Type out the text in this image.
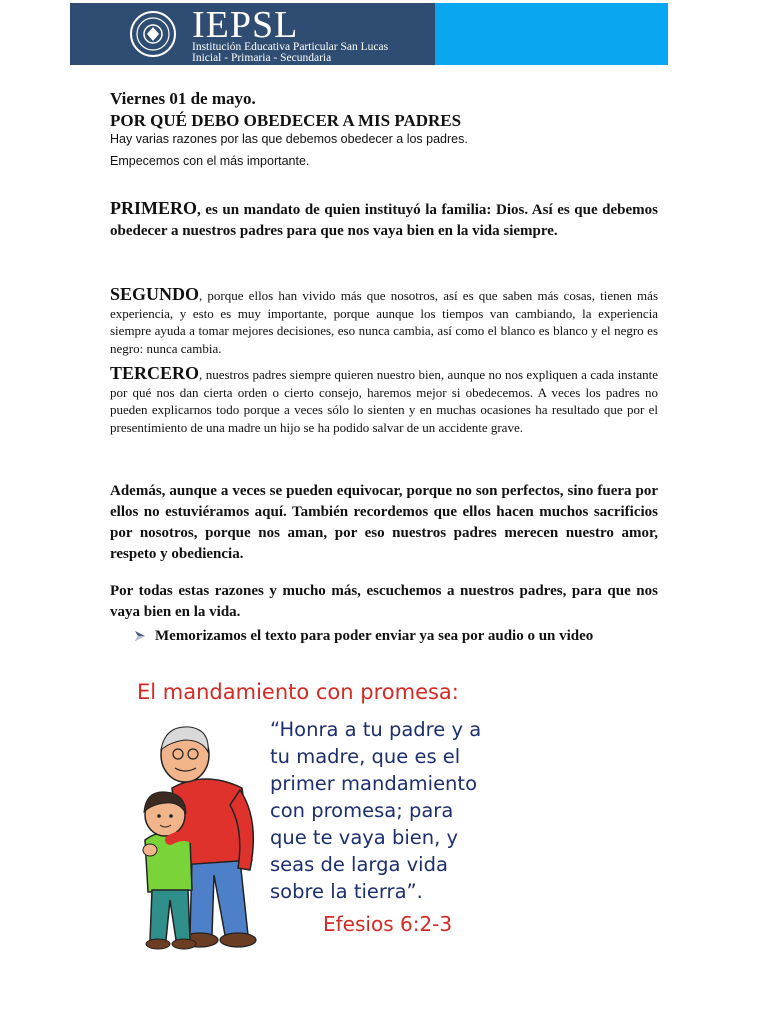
IEPSL
Institución Educativa Particular San Lucas
Inicial - Primaria - Secundaria
Viernes 01 de mayo.
POR QUÉ DEBO OBEDECER A MIS PADRES
Hay varias razones por las que debemos obedecer a los padres.
Empecemos con el más importante.
PRIMERO, es un mandato de quien instituyó la familia: Dios. Así es que debemos obedecer a nuestros padres para que nos vaya bien en la vida siempre.
SEGUNDO, porque ellos han vivido más que nosotros, así es que saben más cosas, tienen más experiencia, y esto es muy importante, porque aunque los tiempos van cambiando, la experiencia siempre ayuda a tomar mejores decisiones, eso nunca cambia, así como el blanco es blanco y el negro es negro: nunca cambia.
TERCERO, nuestros padres siempre quieren nuestro bien, aunque no nos expliquen a cada instante por qué nos dan cierta orden o cierto consejo, haremos mejor si obedecemos. A veces los padres no pueden explicarnos todo porque a veces sólo lo sienten y en muchas ocasiones ha resultado que por el presentimiento de una madre un hijo se ha podido salvar de un accidente grave.
Además, aunque a veces se pueden equivocar, porque no son perfectos, sino fuera por ellos no estuviéramos aquí. También recordemos que ellos hacen muchos sacrificios por nosotros, porque nos aman, por eso nuestros padres merecen nuestro amor, respeto y obediencia.
Por todas estas razones y mucho más, escuchemos a nuestros padres, para que nos vaya bien en la vida.
Memorizamos el texto para poder enviar ya sea por audio o un video
El mandamiento con promesa:
“Honra a tu padre y a
tu madre, que es el
primer mandamiento
con promesa; para
que te vaya bien, y
seas de larga vida
sobre la tierra”.
Efesios 6:2-3
